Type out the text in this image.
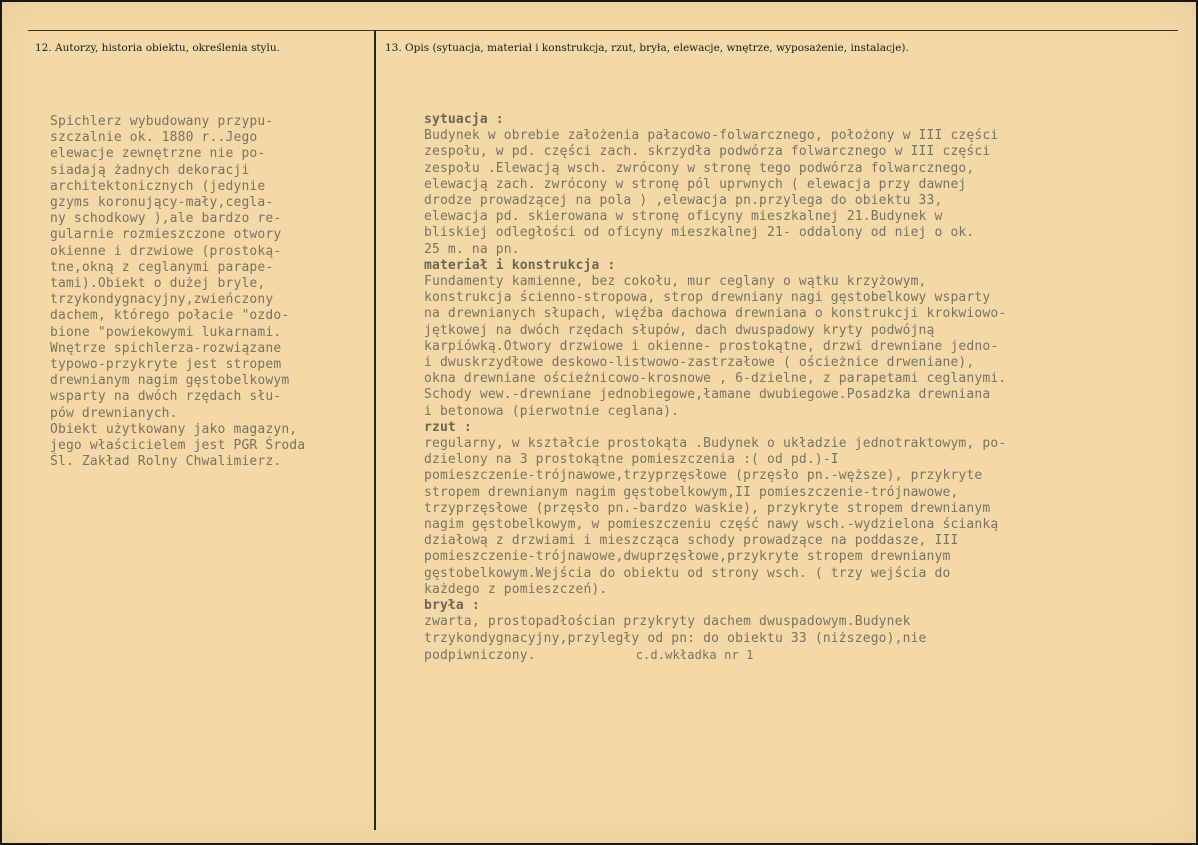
12. Autorzy, historia obiektu, określenia stylu.	13. Opis (sytuacja, materiał i konstrukcja, rzut, bryła, elewacje, wnętrze, wyposażenie, instalacje).
Spichlerz wybudowany przypu-
szczalnie ok. 1880 r..Jego
elewacje zewnętrzne nie po-
siadają żadnych dekoracji
architektonicznych (jedynie
gzyms koronujący-mały,cegla-
ny schodkowy ),ale bardzo re-
gularnie rozmieszczone otwory
okienne i drzwiowe (prostoką-
tne,okną z ceglanymi parape-
tami).Obiekt o dużej bryle,
trzykondygnacyjny,zwieńczony
dachem, którego połacie "ozdo-
bione "powiekowymi lukarnami.
Wnętrze spichlerza-rozwiązane
typowo-przykryte jest stropem
drewnianym nagim gęstobelkowym
wsparty na dwóch rzędach słu-
pów drewnianych.
Obiekt użytkowany jako magazyn,
jego właścicielem jest PGR Środa
Śl. Zakład Rolny Chwalimierz.
sytuacja :
Budynek w obrebie założenia pałacowo-folwarcznego, położony w III części
zespołu, w pd. części zach. skrzydła podwórza folwarcznego w III części
zespołu .Elewacją wsch. zwrócony w stronę tego podwórza folwarcznego,
elewacją zach. zwrócony w stronę pól uprwnych ( elewacja przy dawnej
drodze prowadzącej na pola ) ,elewacja pn.przylega do obiektu 33,
elewacja pd. skierowana w stronę oficyny mieszkalnej 21.Budynek w
bliskiej odległości od oficyny mieszkalnej 21- oddalony od niej o ok.
25 m. na pn.
materiał i konstrukcja :
Fundamenty kamienne, bez cokołu, mur ceglany o wątku krzyżowym,
konstrukcja ścienno-stropowa, strop drewniany nagi gęstobelkowy wsparty
na drewnianych słupach, więźba dachowa drewniana o konstrukcji krokwiowo-
jętkowej na dwóch rzędach słupów, dach dwuspadowy kryty podwójną
karpiówką.Otwory drzwiowe i okienne- prostokątne, drzwi drewniane jedno-
i dwuskrzydłowe deskowo-listwowo-zastrzałowe ( ościeżnice drweniane),
okna drewniane ościeżnicowo-krosnowe , 6-dzielne, z parapetami ceglanymi.
Schody wew.-drewniane jednobiegowe,łamane dwubiegowe.Posadzka drewniana
i betonowa (pierwotnie ceglana).
rzut :
regularny, w kształcie prostokąta .Budynek o układzie jednotraktowym, po-
dzielony na 3 prostokątne pomieszczenia :( od pd.)-I
pomieszczenie-trójnawowe,trzyprzęsłowe (przęsło pn.-węższe), przykryte
stropem drewnianym nagim gęstobelkowym,II pomieszczenie-trójnawowe,
trzyprzęsłowe (przęsło pn.-bardzo waskie), przykryte stropem drewnianym
nagim gęstobelkowym, w pomieszczeniu część nawy wsch.-wydzielona ścianką
działową z drzwiami i mieszcząca schody prowadzące na poddasze, III
pomieszczenie-trójnawowe,dwuprzęsłowe,przykryte stropem drewnianym
gęstobelkowym.Wejścia do obiektu od strony wsch. ( trzy wejścia do
każdego z pomieszczeń).
bryła :
zwarta, prostopadłościan przykryty dachem dwuspadowym.Budynek
trzykondygnacyjny,przyległy od pn: do obiektu 33 (niższego),nie
podpiwniczony.	c.d.wkładka nr 1
